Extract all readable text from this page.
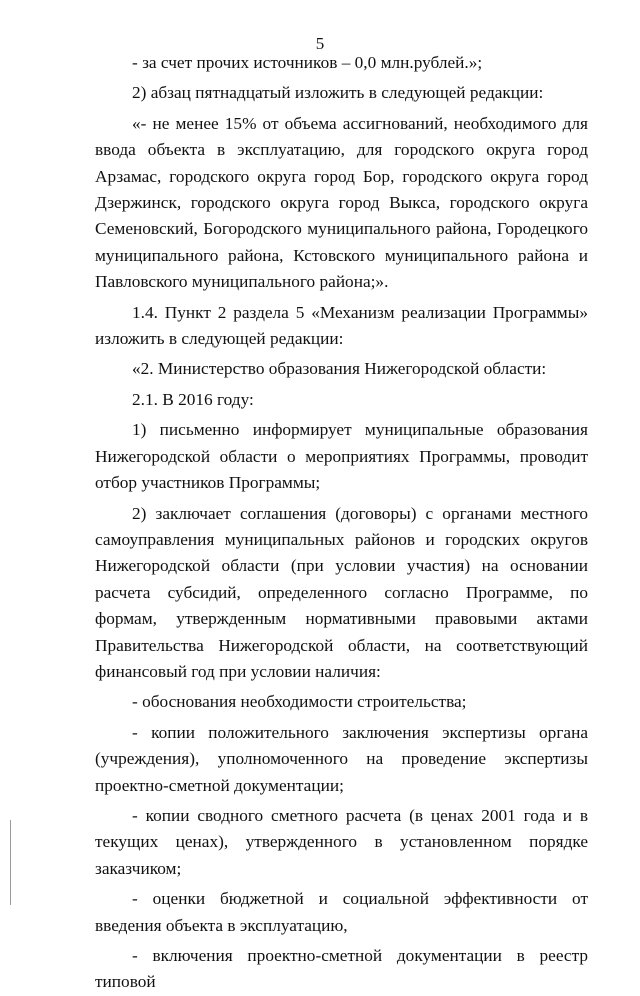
5

- за счет прочих источников – 0,0 млн.рублей.»;

2) абзац пятнадцатый изложить в следующей редакции:

«- не менее 15% от объема ассигнований, необходимого для ввода объекта в эксплуатацию, для городского округа город Арзамас, городского округа город Бор, городского округа город Дзержинск, городского округа город Выкса, городского округа Семеновский, Богородского муниципального района, Городецкого муниципального района, Кстовского муниципального района и Павловского муниципального района;».

1.4. Пункт 2 раздела 5 «Механизм реализации Программы» изложить в следующей редакции:

«2. Министерство образования Нижегородской области:

2.1. В 2016 году:

1) письменно информирует муниципальные образования Нижегородской области о мероприятиях Программы, проводит отбор участников Программы;

2) заключает соглашения (договоры) с органами местного самоуправления муниципальных районов и городских округов Нижегородской области (при условии участия) на основании расчета субсидий, определенного согласно Программе, по формам, утвержденным нормативными правовыми актами Правительства Нижегородской области, на соответствующий финансовый год при условии наличия:

- обоснования необходимости строительства;

- копии положительного заключения экспертизы органа (учреждения), уполномоченного на проведение экспертизы проектно-сметной документации;

- копии сводного сметного расчета (в ценах 2001 года и в текущих ценах), утвержденного в установленном порядке заказчиком;

- оценки бюджетной и социальной эффективности от введения объекта в эксплуатацию,

- включения проектно-сметной документации в реестр типовой
